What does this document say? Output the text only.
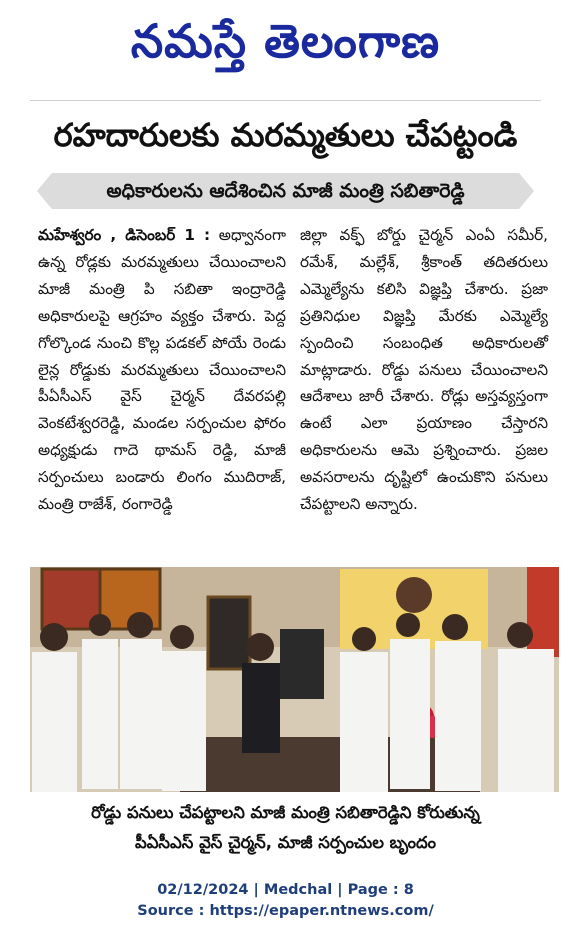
నమస్తే తెలంగాణ
రహదారులకు మరమ్మతులు చేపట్టండి
అధికారులను ఆదేశించిన మాజీ మంత్రి సబితారెడ్డి
మహేశ్వరం , డిసెంబర్ 1 : అధ్వానంగా ఉన్న రోడ్లకు మరమ్మతులు చేయించాలని మాజీ మంత్రి పి సబితా ఇంద్రారెడ్డి అధికారులపై ఆగ్రహం వ్యక్తం చేశారు. పెద్ద గోల్కొండ నుంచి కొల్ల పడకల్ పోయే రెండు లైన్ల రోడ్డుకు మరమ్మతులు చేయించాలని పీఏసీఎస్ వైస్ చైర్మన్ దేవరపల్లి వెంకటేశ్వరరెడ్డి, మండల సర్పంచుల ఫోరం అధ్యక్షుడు గాదె థామస్ రెడ్డి, మాజీ సర్పంచులు బండారు లింగం ముదిరాజ్, మంత్రి రాజేశ్, రంగారెడ్డి
జిల్లా వక్ఫ్ బోర్డు చైర్మన్ ఎంఏ సమీర్, రమేశ్, మల్లేశ్, శ్రీకాంత్ తదితరులు ఎమ్మెల్యేను కలిసి విజ్ఞప్తి చేశారు. ప్రజా ప్రతినిధుల విజ్ఞప్తి మేరకు ఎమ్మెల్యే స్పందించి సంబంధిత అధికారులతో మాట్లాడారు. రోడ్డు పనులు చేయించాలని ఆదేశాలు జారీ చేశారు. రోడ్లు అస్తవ్యస్తంగా ఉంటే ఎలా ప్రయాణం చేస్తారని అధికారులను ఆమె ప్రశ్నించారు. ప్రజల అవసరాలను దృష్టిలో ఉంచుకొని పనులు చేపట్టాలని అన్నారు.
రోడ్డు పనులు చేపట్టాలని మాజీ మంత్రి సబితారెడ్డిని కోరుతున్న
పీఏసీఎస్ వైస్ చైర్మన్, మాజీ సర్పంచుల బృందం
02/12/2024 | Medchal | Page : 8
Source : https://epaper.ntnews.com/
